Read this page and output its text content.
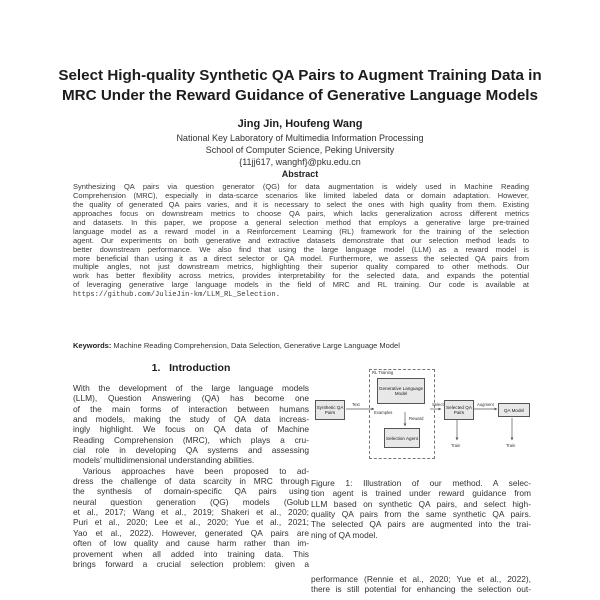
Select High-quality Synthetic QA Pairs to Augment Training Data in
MRC Under the Reward Guidance of Generative Language Models
Jing Jin, Houfeng Wang
National Key Laboratory of Multimedia Information Processing
School of Computer Science, Peking University
{11jj617, wanghf}@pku.edu.cn
Abstract
Synthesizing QA pairs via question generator (QG) for data augmentation is widely used in Machine Reading
Comprehension (MRC), especially in data-scarce scenarios like limited labeled data or domain adaptation. However,
the quality of generated QA pairs varies, and it is necessary to select the ones with high quality from them. Existing
approaches focus on downstream metrics to choose QA pairs, which lacks generalization across different metrics
and datasets. In this paper, we propose a general selection method that employs a generative large pre-trained
language model as a reward model in a Reinforcement Learning (RL) framework for the training of the selection
agent. Our experiments on both generative and extractive datasets demonstrate that our selection method leads to
better downstream performance. We also find that using the large language model (LLM) as a reward model is
more beneficial than using it as a direct selector or QA model. Furthermore, we assess the selected QA pairs from
multiple angles, not just downstream metrics, highlighting their superior quality compared to other methods. Our
work has better flexibility across metrics, provides interpretability for the selected data, and expands the potential
of leveraging generative large language models in the field of MRC and RL training. Our code is available at
https://github.com/JulieJin-km/LLM_RL_Selection.
Keywords: Machine Reading Comprehension, Data Selection, Generative Large Language Model
1. Introduction
With the development of the large language models
(LLM), Question Answering (QA) has become one
of the main forms of interaction between humans
and models, making the study of QA data increas-
ingly highlight. We focus on QA data of Machine
Reading Comprehension (MRC), which plays a cru-
cial role in developing QA systems and assessing
models’ multidimensional understanding abilities.
Various approaches have been proposed to ad-
dress the challenge of data scarcity in MRC through
the synthesis of domain-specific QA pairs using
neural question generation (QG) models (Golub
et al., 2017; Wang et al., 2019; Shakeri et al., 2020;
Puri et al., 2020; Lee et al., 2020; Yue et al., 2021;
Yao et al., 2022). However, generated QA pairs are
often of low quality and cause harm rather than im-
provement when all added into training data. This
brings forward a crucial selection problem: given a
RL Training
Synthetic QA Pairs
Generative Language Model
Selection Agent
Selected QA Pairs	QA Model
Text
Examples
Reward
Select	Augment
Train	Train
Figure 1: Illustration of our method. A selec-
tion agent is trained under reward guidance from
LLM based on synthetic QA pairs, and select high-
quality QA pairs from the same synthetic QA pairs.
The selected QA pairs are augmented into the trai-
ning of QA model.
performance (Rennie et al., 2020; Yue et al., 2022),
there is still potential for enhancing the selection out-
